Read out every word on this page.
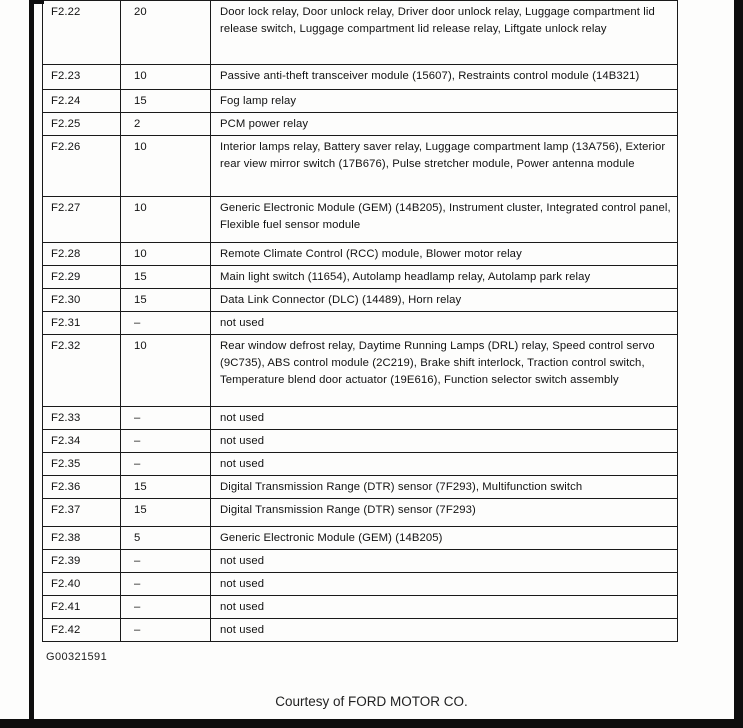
F2.22	20	Door lock relay, Door unlock relay, Driver door unlock relay, Luggage compartment lid release switch, Luggage compartment lid release relay, Liftgate unlock relay
F2.23	10	Passive anti-theft transceiver module (15607), Restraints control module (14B321)
F2.24	15	Fog lamp relay
F2.25	2	PCM power relay
F2.26	10	Interior lamps relay, Battery saver relay, Luggage compartment lamp (13A756), Exterior rear view mirror switch (17B676), Pulse stretcher module, Power antenna module
F2.27	10	Generic Electronic Module (GEM) (14B205), Instrument cluster, Integrated control panel, Flexible fuel sensor module
F2.28	10	Remote Climate Control (RCC) module, Blower motor relay
F2.29	15	Main light switch (11654), Autolamp headlamp relay, Autolamp park relay
F2.30	15	Data Link Connector (DLC) (14489), Horn relay
F2.31	–	not used
F2.32	10	Rear window defrost relay, Daytime Running Lamps (DRL) relay, Speed control servo (9C735), ABS control module (2C219), Brake shift interlock, Traction control switch, Temperature blend door actuator (19E616), Function selector switch assembly
F2.33	–	not used
F2.34	–	not used
F2.35	–	not used
F2.36	15	Digital Transmission Range (DTR) sensor (7F293), Multifunction switch
F2.37	15	Digital Transmission Range (DTR) sensor (7F293)
F2.38	5	Generic Electronic Module (GEM) (14B205)
F2.39	–	not used
F2.40	–	not used
F2.41	–	not used
F2.42	–	not used
G00321591
Courtesy of FORD MOTOR CO.
